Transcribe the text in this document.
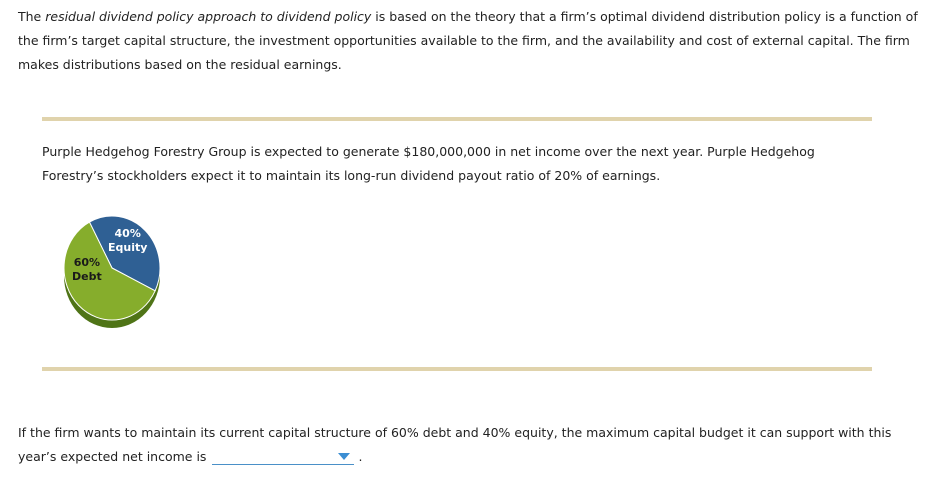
The residual dividend policy approach to dividend policy is based on the theory that a firm’s optimal dividend distribution policy is a function of the firm’s target capital structure, the investment opportunities available to the firm, and the availability and cost of external capital. The firm makes distributions based on the residual earnings.

Purple Hedgehog Forestry Group is expected to generate $180,000,000 in net income over the next year. Purple Hedgehog Forestry’s stockholders expect it to maintain its long-run dividend payout ratio of 20% of earnings.

40%
Equity
60%
Debt

If the firm wants to maintain its current capital structure of 60% debt and 40% equity, the maximum capital budget it can support with this year’s expected net income is	.
